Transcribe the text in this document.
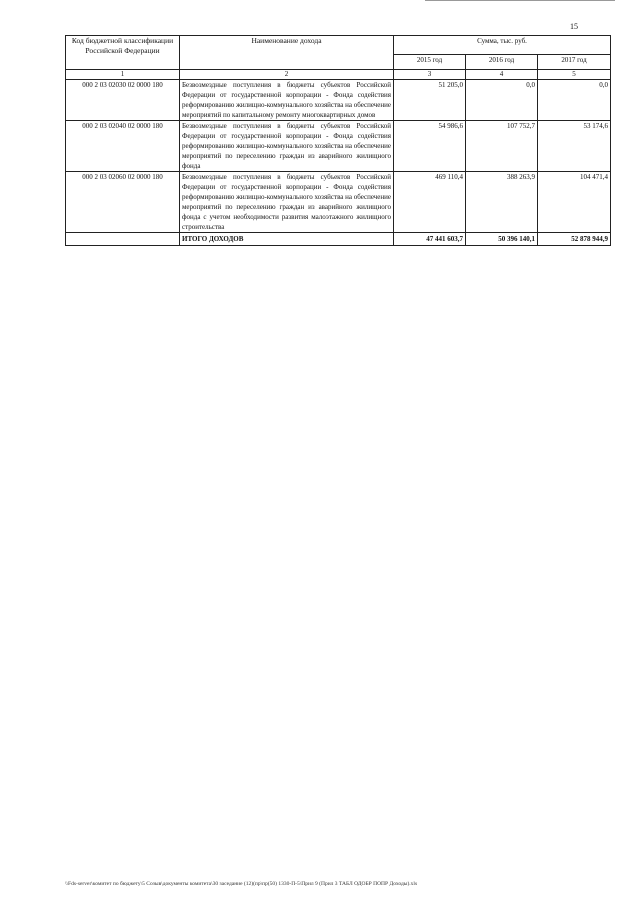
15
Код бюджетной классификации Российской Федерации	Наименование дохода	Сумма, тыс. руб.		
		2015 год	2016 год	2017 год
1	2	3	4	5
000 2 03 02030 02 0000 180	Безвозмездные поступления в бюджеты субъектов Российской Федерации от государственной корпорации - Фонда содействия реформированию жилищно-коммунального хозяйства на обеспечение мероприятий по капитальному ремонту многоквартирных домов	51 205,0	0,0	0,0
000 2 03 02040 02 0000 180	Безвозмездные поступления в бюджеты субъектов Российской Федерации от государственной корпорации - Фонда содействия реформированию жилищно-коммунального хозяйства на обеспечение мероприятий по переселению граждан из аварийного жилищного фонда	54 986,6	107 752,7	53 174,6
000 2 03 02060 02 0000 180	Безвозмездные поступления в бюджеты субъектов Российской Федерации от государственной корпорации - Фонда содействия реформированию жилищно-коммунального хозяйства на обеспечение мероприятий по переселению граждан из аварийного жилищного фонда с учетом необходимости развития малоэтажного жилищного строительства	469 110,4	388 263,9	104 471,4
	ИТОГО ДОХОДОВ	47 441 603,7	50 396 140,1	52 878 944,9
\\Fds-server\комитет по бюджету\5 Созыв\документы комитета\30 заседание (12)(пр\пр(50) 1330-П-5\Прил 9 (Прил 3 ТАБЛ ОДОБР ПОПР Доходы).xls
